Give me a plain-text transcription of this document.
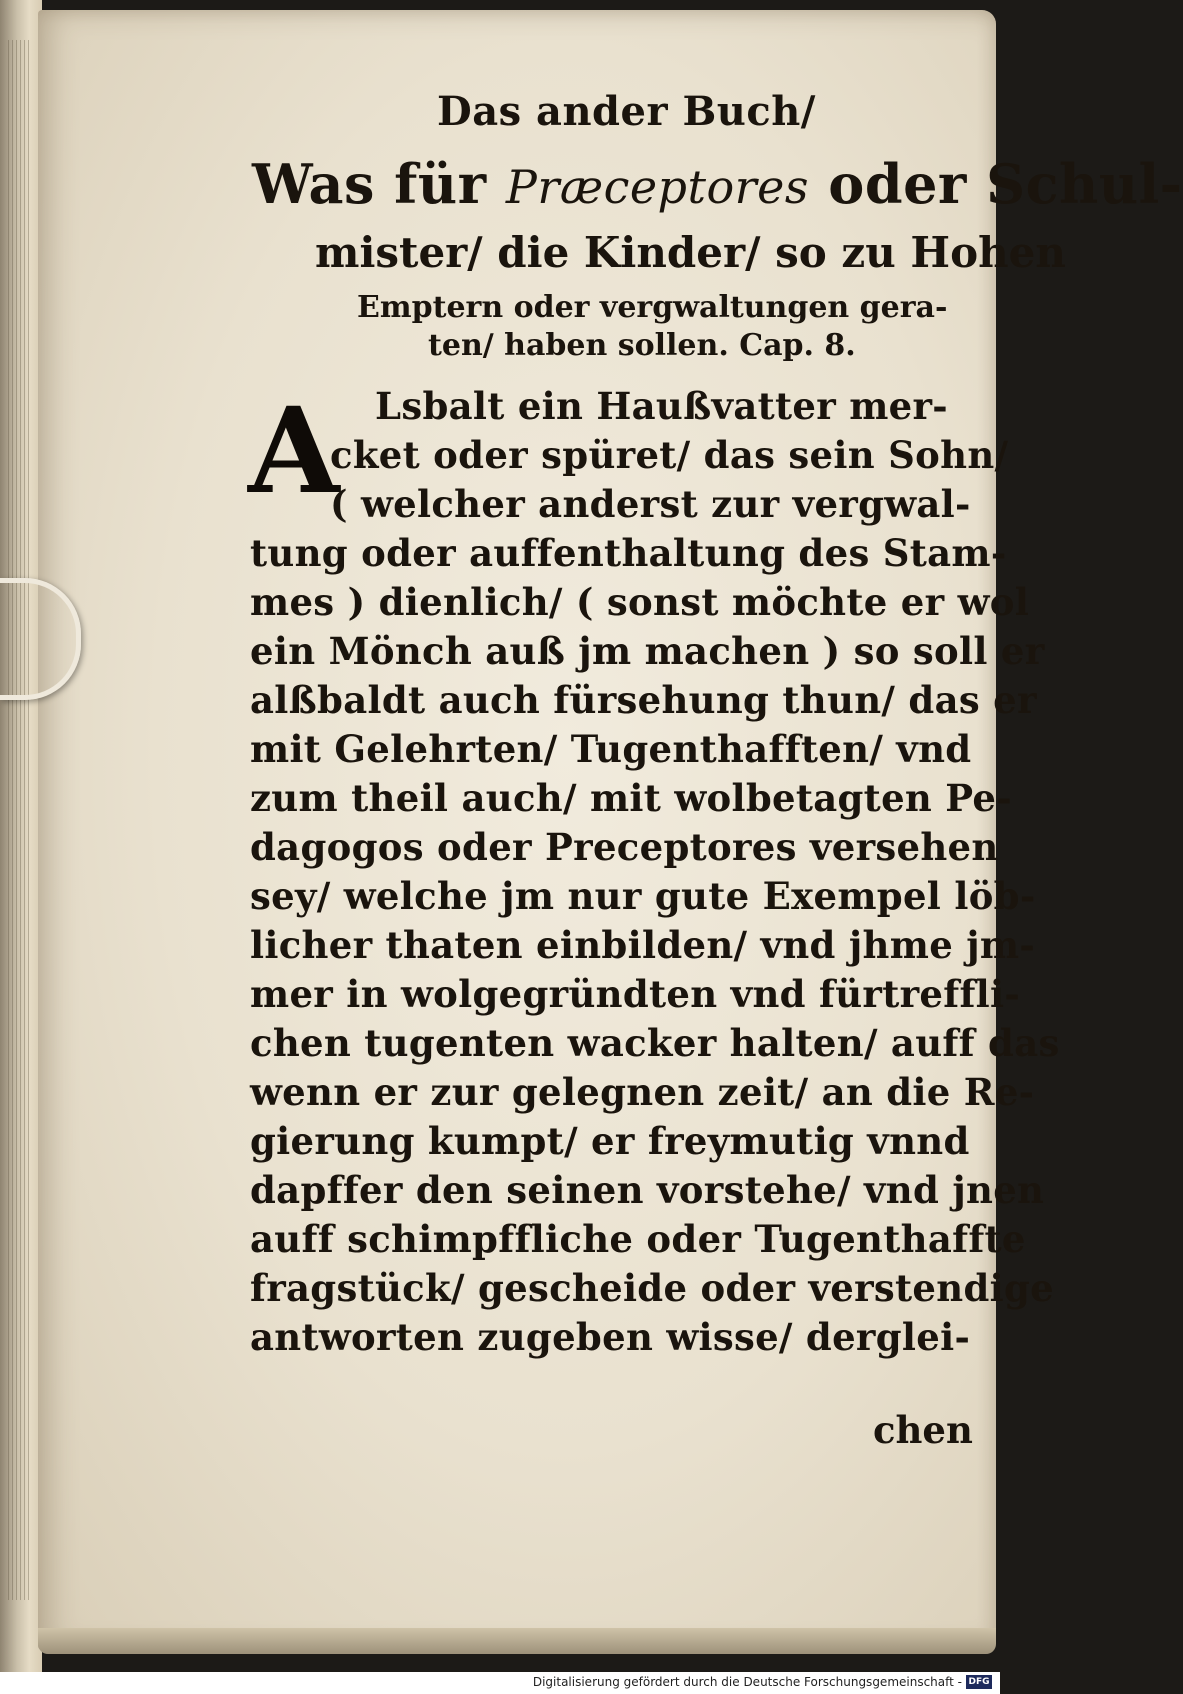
Das ander Buch/
Was für Præceptores oder Schul-
mister/ die Kinder/ so zu Hohen
Emptern oder vergwaltungen gera-
ten/ haben sollen. Cap. 8.
A Lsbalt ein Haußvatter mer-
cket oder spüret/ das sein Sohn/
( welcher anderst zur vergwal-
tung oder auffenthaltung des Stam-
mes ) dienlich/ ( sonst möchte er wol
ein Mönch auß jm machen ) so soll er
alßbaldt auch fürsehung thun/ das er
mit Gelehrten/ Tugenthafften/ vnd
zum theil auch/ mit wolbetagten Pe-
dagogos oder Preceptores versehen
sey/ welche jm nur gute Exempel löb-
licher thaten einbilden/ vnd jhme jm-
mer in wolgegründten vnd fürtreffli-
chen tugenten wacker halten/ auff das
wenn er zur gelegnen zeit/ an die Re-
gierung kumpt/ er freymutig vnnd
dapffer den seinen vorstehe/ vnd jnen
auff schimpffliche oder Tugenthaffte
fragstück/ gescheide oder verstendige
antworten zugeben wisse/ derglei-
chen
Digitalisierung gefördert durch die Deutsche Forschungsgemeinschaft - DFG
